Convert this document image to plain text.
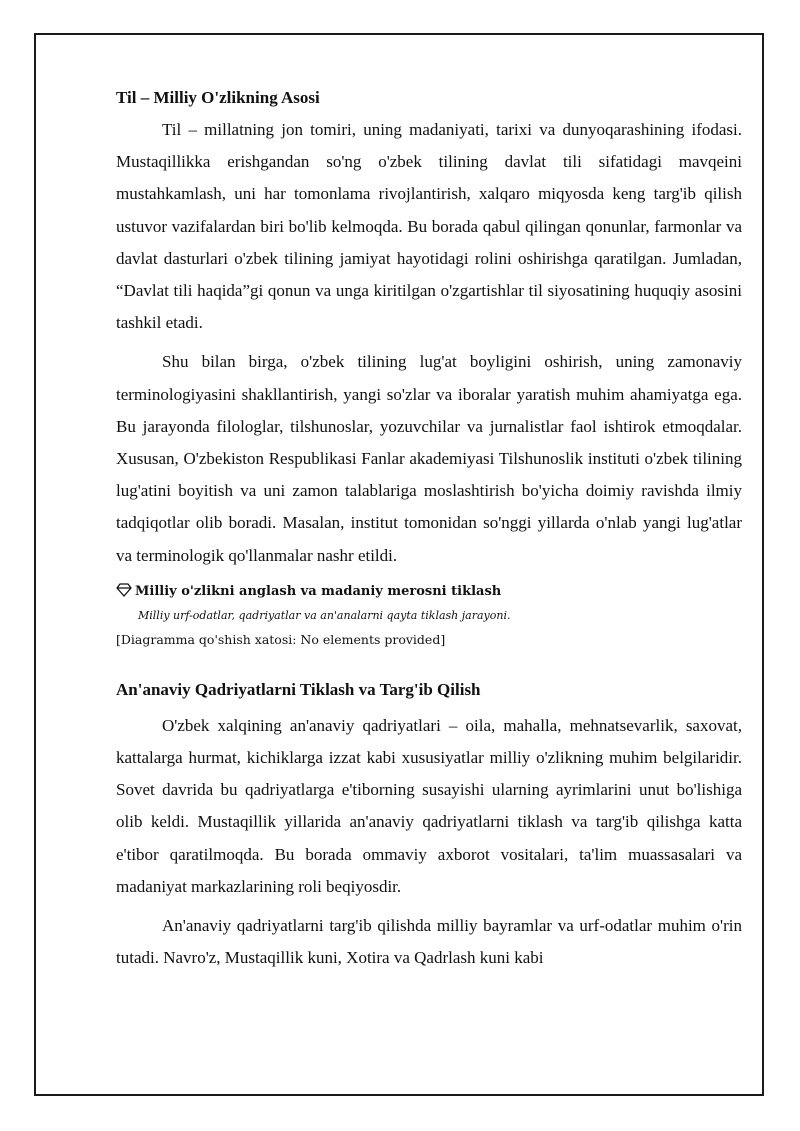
Til – Milliy O'zlikning Asosi

Til – millatning jon tomiri, uning madaniyati, tarixi va dunyoqarashining ifodasi. Mustaqillikka erishgandan so'ng o'zbek tilining davlat tili sifatidagi mavqeini mustahkamlash, uni har tomonlama rivojlantirish, xalqaro miqyosda keng targ'ib qilish ustuvor vazifalardan biri bo'lib kelmoqda. Bu borada qabul qilingan qonunlar, farmonlar va davlat dasturlari o'zbek tilining jamiyat hayotidagi rolini oshirishga qaratilgan. Jumladan, “Davlat tili haqida”gi qonun va unga kiritilgan o'zgartishlar til siyosatining huquqiy asosini tashkil etadi.

Shu bilan birga, o'zbek tilining lug'at boyligini oshirish, uning zamonaviy terminologiyasini shakllantirish, yangi so'zlar va iboralar yaratish muhim ahamiyatga ega. Bu jarayonda filologlar, tilshunoslar, yozuvchilar va jurnalistlar faol ishtirok etmoqdalar. Xususan, O'zbekiston Respublikasi Fanlar akademiyasi Tilshunoslik instituti o'zbek tilining lug'atini boyitish va uni zamon talablariga moslashtirish bo'yicha doimiy ravishda ilmiy tadqiqotlar olib boradi. Masalan, institut tomonidan so'nggi yillarda o'nlab yangi lug'atlar va terminologik qo'llanmalar nashr etildi.

Milliy o'zlikni anglash va madaniy merosni tiklash
Milliy urf-odatlar, qadriyatlar va an'analarni qayta tiklash jarayoni.
[Diagramma qo'shish xatosi: No elements provided]
An'anaviy Qadriyatlarni Tiklash va Targ'ib Qilish

O'zbek xalqining an'anaviy qadriyatlari – oila, mahalla, mehnatsevarlik, saxovat, kattalarga hurmat, kichiklarga izzat kabi xususiyatlar milliy o'zlikning muhim belgilaridir. Sovet davrida bu qadriyatlarga e'tiborning susayishi ularning ayrimlarini unut bo'lishiga olib keldi. Mustaqillik yillarida an'anaviy qadriyatlarni tiklash va targ'ib qilishga katta e'tibor qaratilmoqda. Bu borada ommaviy axborot vositalari, ta'lim muassasalari va madaniyat markazlarining roli beqiyosdir.

An'anaviy qadriyatlarni targ'ib qilishda milliy bayramlar va urf-odatlar muhim o'rin tutadi. Navro'z, Mustaqillik kuni, Xotira va Qadrlash kuni kabi
